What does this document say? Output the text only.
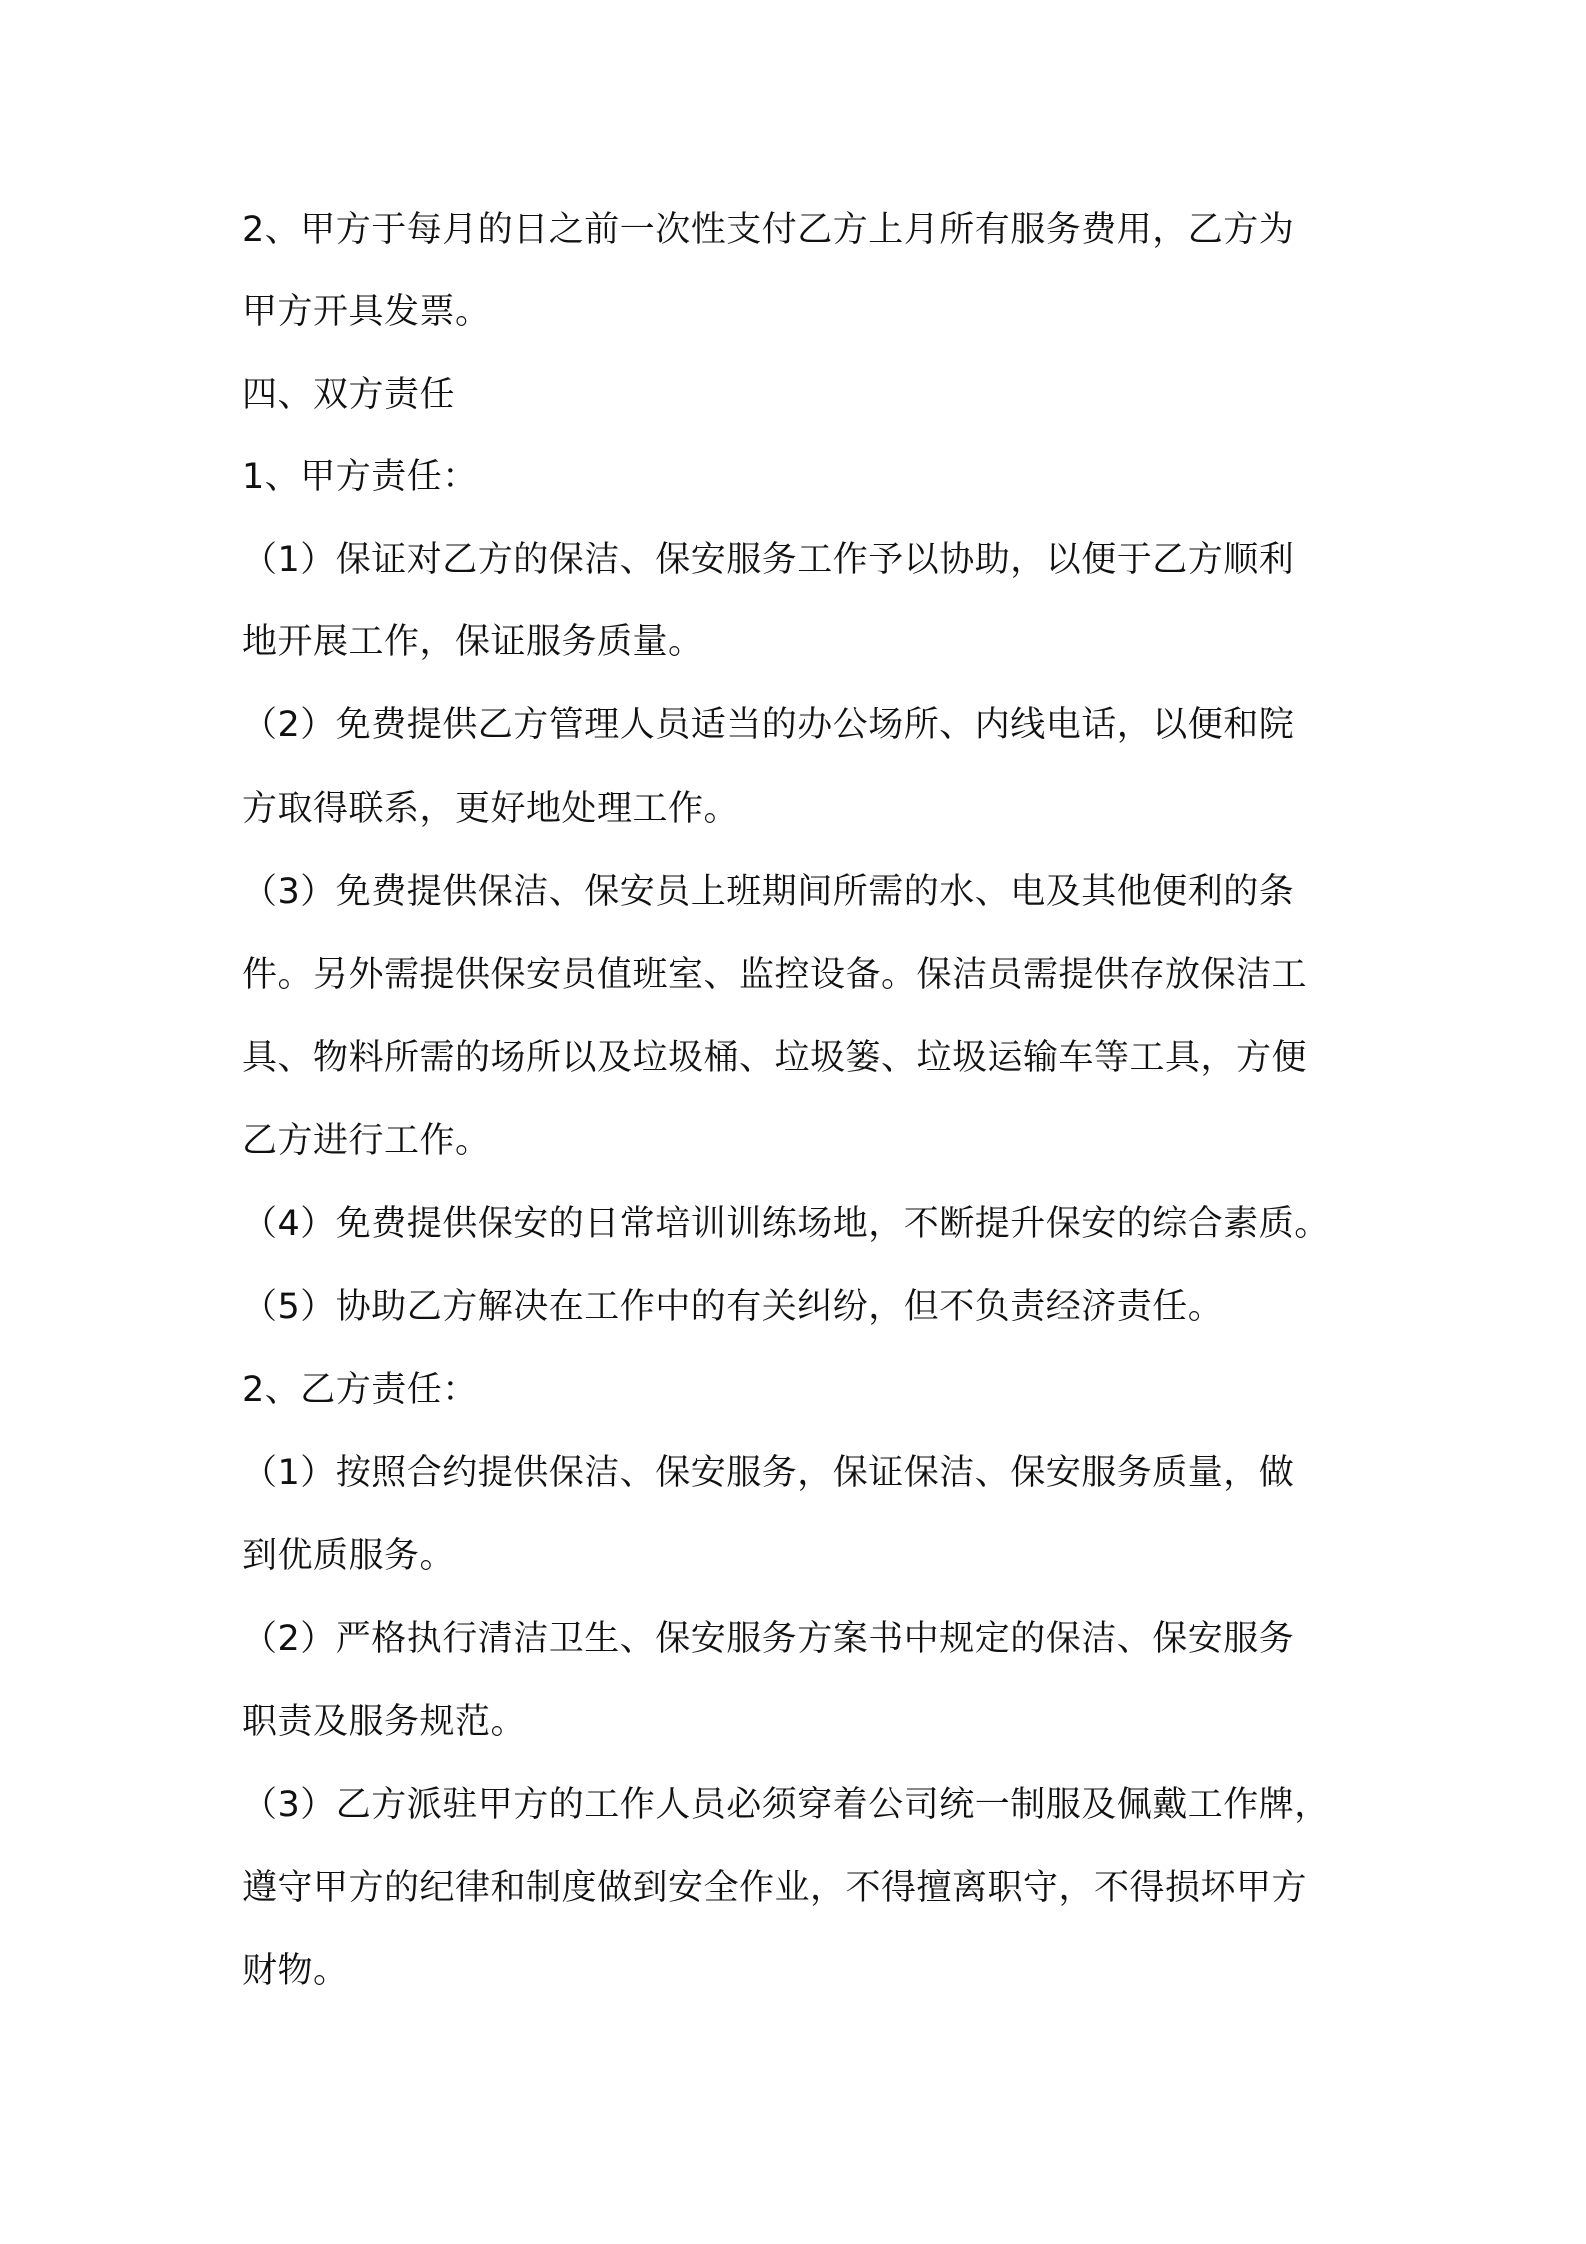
2、甲方于每月的日之前一次性支付乙方上月所有服务费用，乙方为
甲方开具发票。
四、双方责任
1、甲方责任：
（1）保证对乙方的保洁、保安服务工作予以协助，以便于乙方顺利
地开展工作，保证服务质量。
（2）免费提供乙方管理人员适当的办公场所、内线电话，以便和院
方取得联系，更好地处理工作。
（3）免费提供保洁、保安员上班期间所需的水、电及其他便利的条
件。另外需提供保安员值班室、监控设备。保洁员需提供存放保洁工
具、物料所需的场所以及垃圾桶、垃圾篓、垃圾运输车等工具，方便
乙方进行工作。
（4）免费提供保安的日常培训训练场地，不断提升保安的综合素质。
（5）协助乙方解决在工作中的有关纠纷，但不负责经济责任。
2、乙方责任：
（1）按照合约提供保洁、保安服务，保证保洁、保安服务质量，做
到优质服务。
（2）严格执行清洁卫生、保安服务方案书中规定的保洁、保安服务
职责及服务规范。
（3）乙方派驻甲方的工作人员必须穿着公司统一制服及佩戴工作牌，
遵守甲方的纪律和制度做到安全作业，不得擅离职守，不得损坏甲方
财物。
